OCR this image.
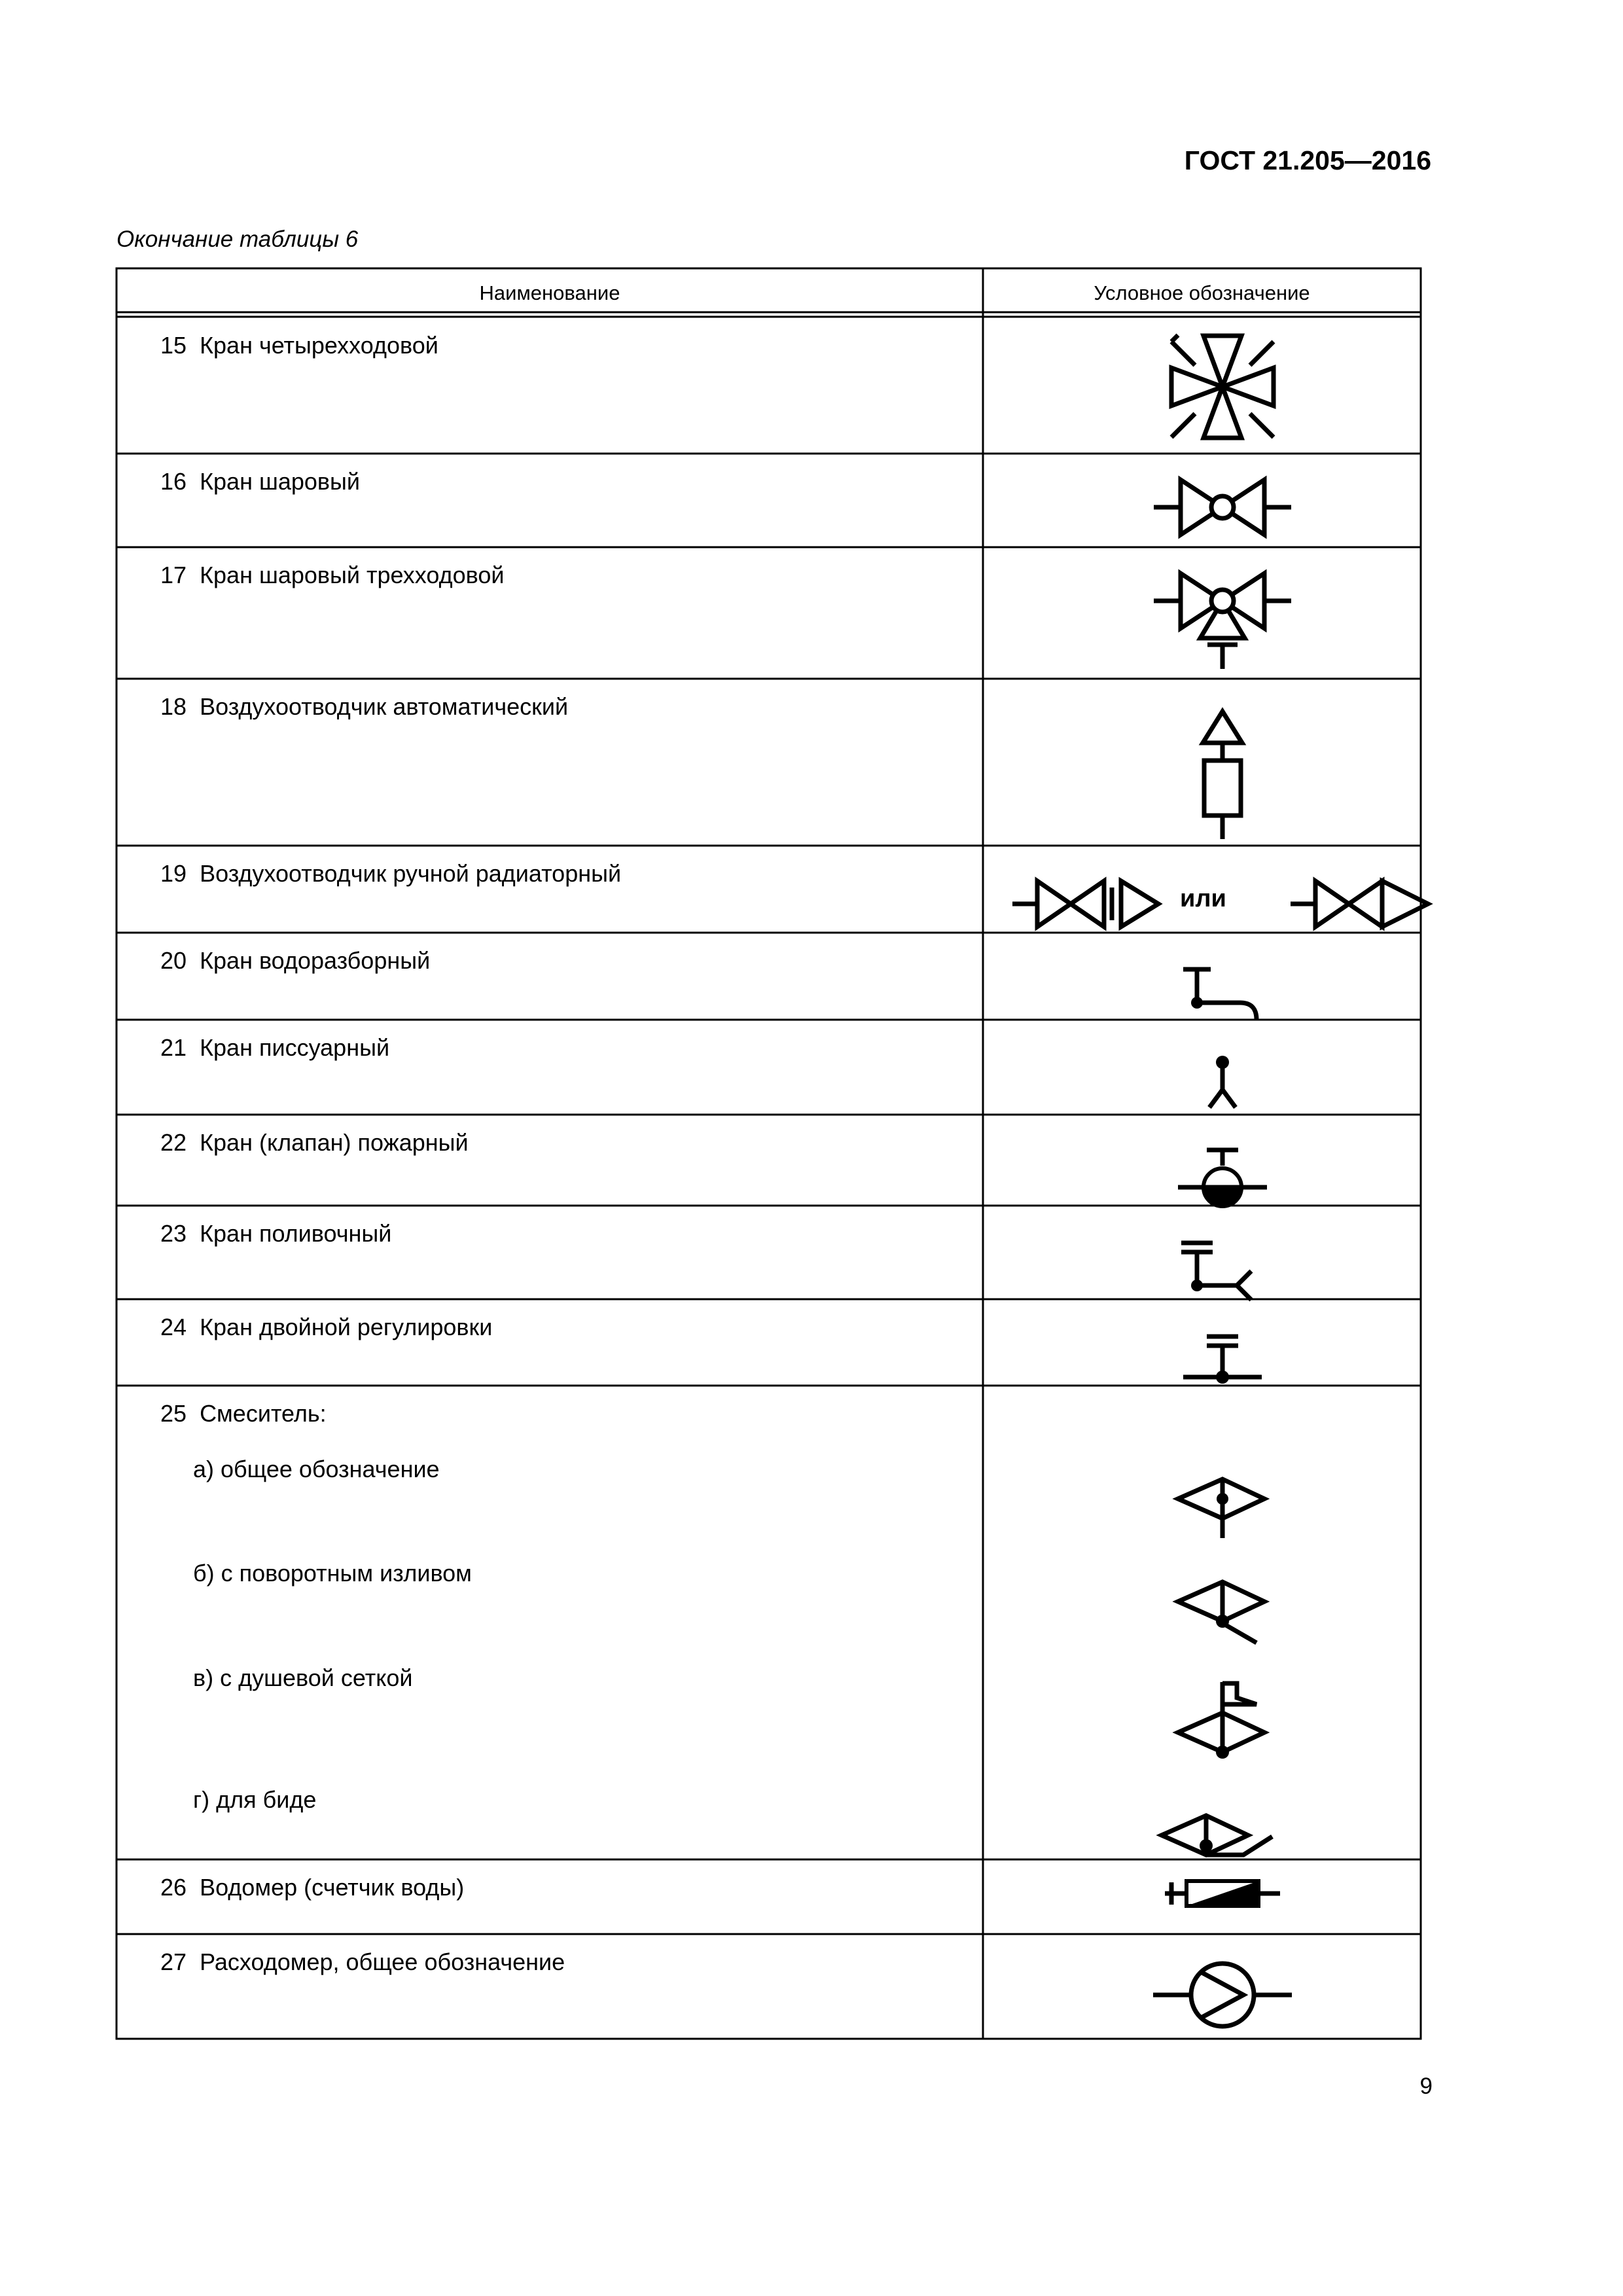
ГОСТ 21.205—2016
Окончание таблицы 6
Наименование	Условное обозначение
15 Кран четырехходовой
16 Кран шаровый
17 Кран шаровый трехходовой
18 Воздухоотводчик автоматический
19 Воздухоотводчик ручной радиаторный
20 Кран водоразборный
21 Кран писсуарный
22 Кран (клапан) пожарный
23 Кран поливочный
24 Кран двойной регулировки
25 Смеситель:
а) общее обозначение
б) с поворотным изливом
в) с душевой сеткой
г) для биде
26 Водомер (счетчик воды)
27 Расходомер, общее обозначение
или
9
